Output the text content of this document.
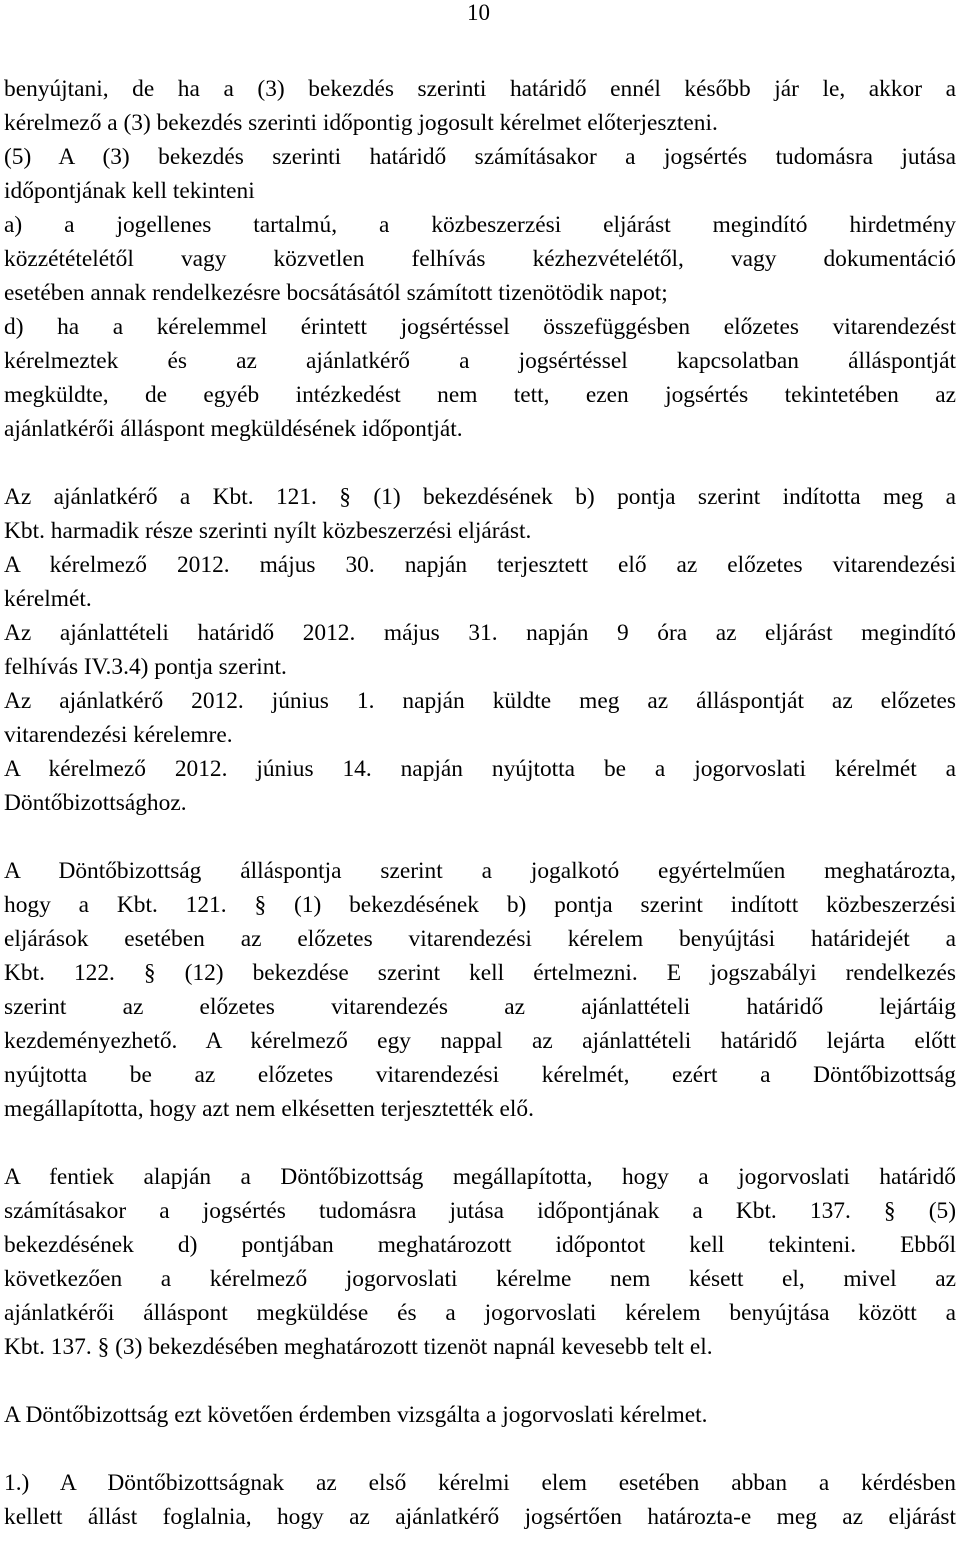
10
benyújtani, de ha a (3) bekezdés szerinti határidő ennél később jár le, akkor a
kérelmező a (3) bekezdés szerinti időpontig jogosult kérelmet előterjeszteni.
(5) A (3) bekezdés szerinti határidő számításakor a jogsértés tudomásra jutása
időpontjának kell tekinteni
a) a jogellenes tartalmú, a közbeszerzési eljárást megindító hirdetmény
közzétételétől vagy közvetlen felhívás kézhezvételétől, vagy dokumentáció
esetében annak rendelkezésre bocsátásától számított tizenötödik napot;
d) ha a kérelemmel érintett jogsértéssel összefüggésben előzetes vitarendezést
kérelmeztek és az ajánlatkérő a jogsértéssel kapcsolatban álláspontját
megküldte, de egyéb intézkedést nem tett, ezen jogsértés tekintetében az
ajánlatkérői álláspont megküldésének időpontját.
Az ajánlatkérő a Kbt. 121. § (1) bekezdésének b) pontja szerint indította meg a
Kbt. harmadik része szerinti nyílt közbeszerzési eljárást.
A kérelmező 2012. május 30. napján terjesztett elő az előzetes vitarendezési
kérelmét.
Az ajánlattételi határidő 2012. május 31. napján 9 óra az eljárást megindító
felhívás IV.3.4) pontja szerint.
Az ajánlatkérő 2012. június 1. napján küldte meg az álláspontját az előzetes
vitarendezési kérelemre.
A kérelmező 2012. június 14. napján nyújtotta be a jogorvoslati kérelmét a
Döntőbizottsághoz.
A Döntőbizottság álláspontja szerint a jogalkotó egyértelműen meghatározta,
hogy a Kbt. 121. § (1) bekezdésének b) pontja szerint indított közbeszerzési
eljárások esetében az előzetes vitarendezési kérelem benyújtási határidejét a
Kbt. 122. § (12) bekezdése szerint kell értelmezni. E jogszabályi rendelkezés
szerint az előzetes vitarendezés az ajánlattételi határidő lejártáig
kezdeményezhető. A kérelmező egy nappal az ajánlattételi határidő lejárta előtt
nyújtotta be az előzetes vitarendezési kérelmét, ezért a Döntőbizottság
megállapította, hogy azt nem elkésetten terjesztették elő.
A fentiek alapján a Döntőbizottság megállapította, hogy a jogorvoslati határidő
számításakor a jogsértés tudomásra jutása időpontjának a Kbt. 137. § (5)
bekezdésének d) pontjában meghatározott időpontot kell tekinteni. Ebből
következően a kérelmező jogorvoslati kérelme nem késett el, mivel az
ajánlatkérői álláspont megküldése és a jogorvoslati kérelem benyújtása között a
Kbt. 137. § (3) bekezdésében meghatározott tizenöt napnál kevesebb telt el.
A Döntőbizottság ezt követően érdemben vizsgálta a jogorvoslati kérelmet.
1.) A Döntőbizottságnak az első kérelmi elem esetében abban a kérdésben
kellett állást foglalnia, hogy az ajánlatkérő jogsértően határozta-e meg az eljárást
